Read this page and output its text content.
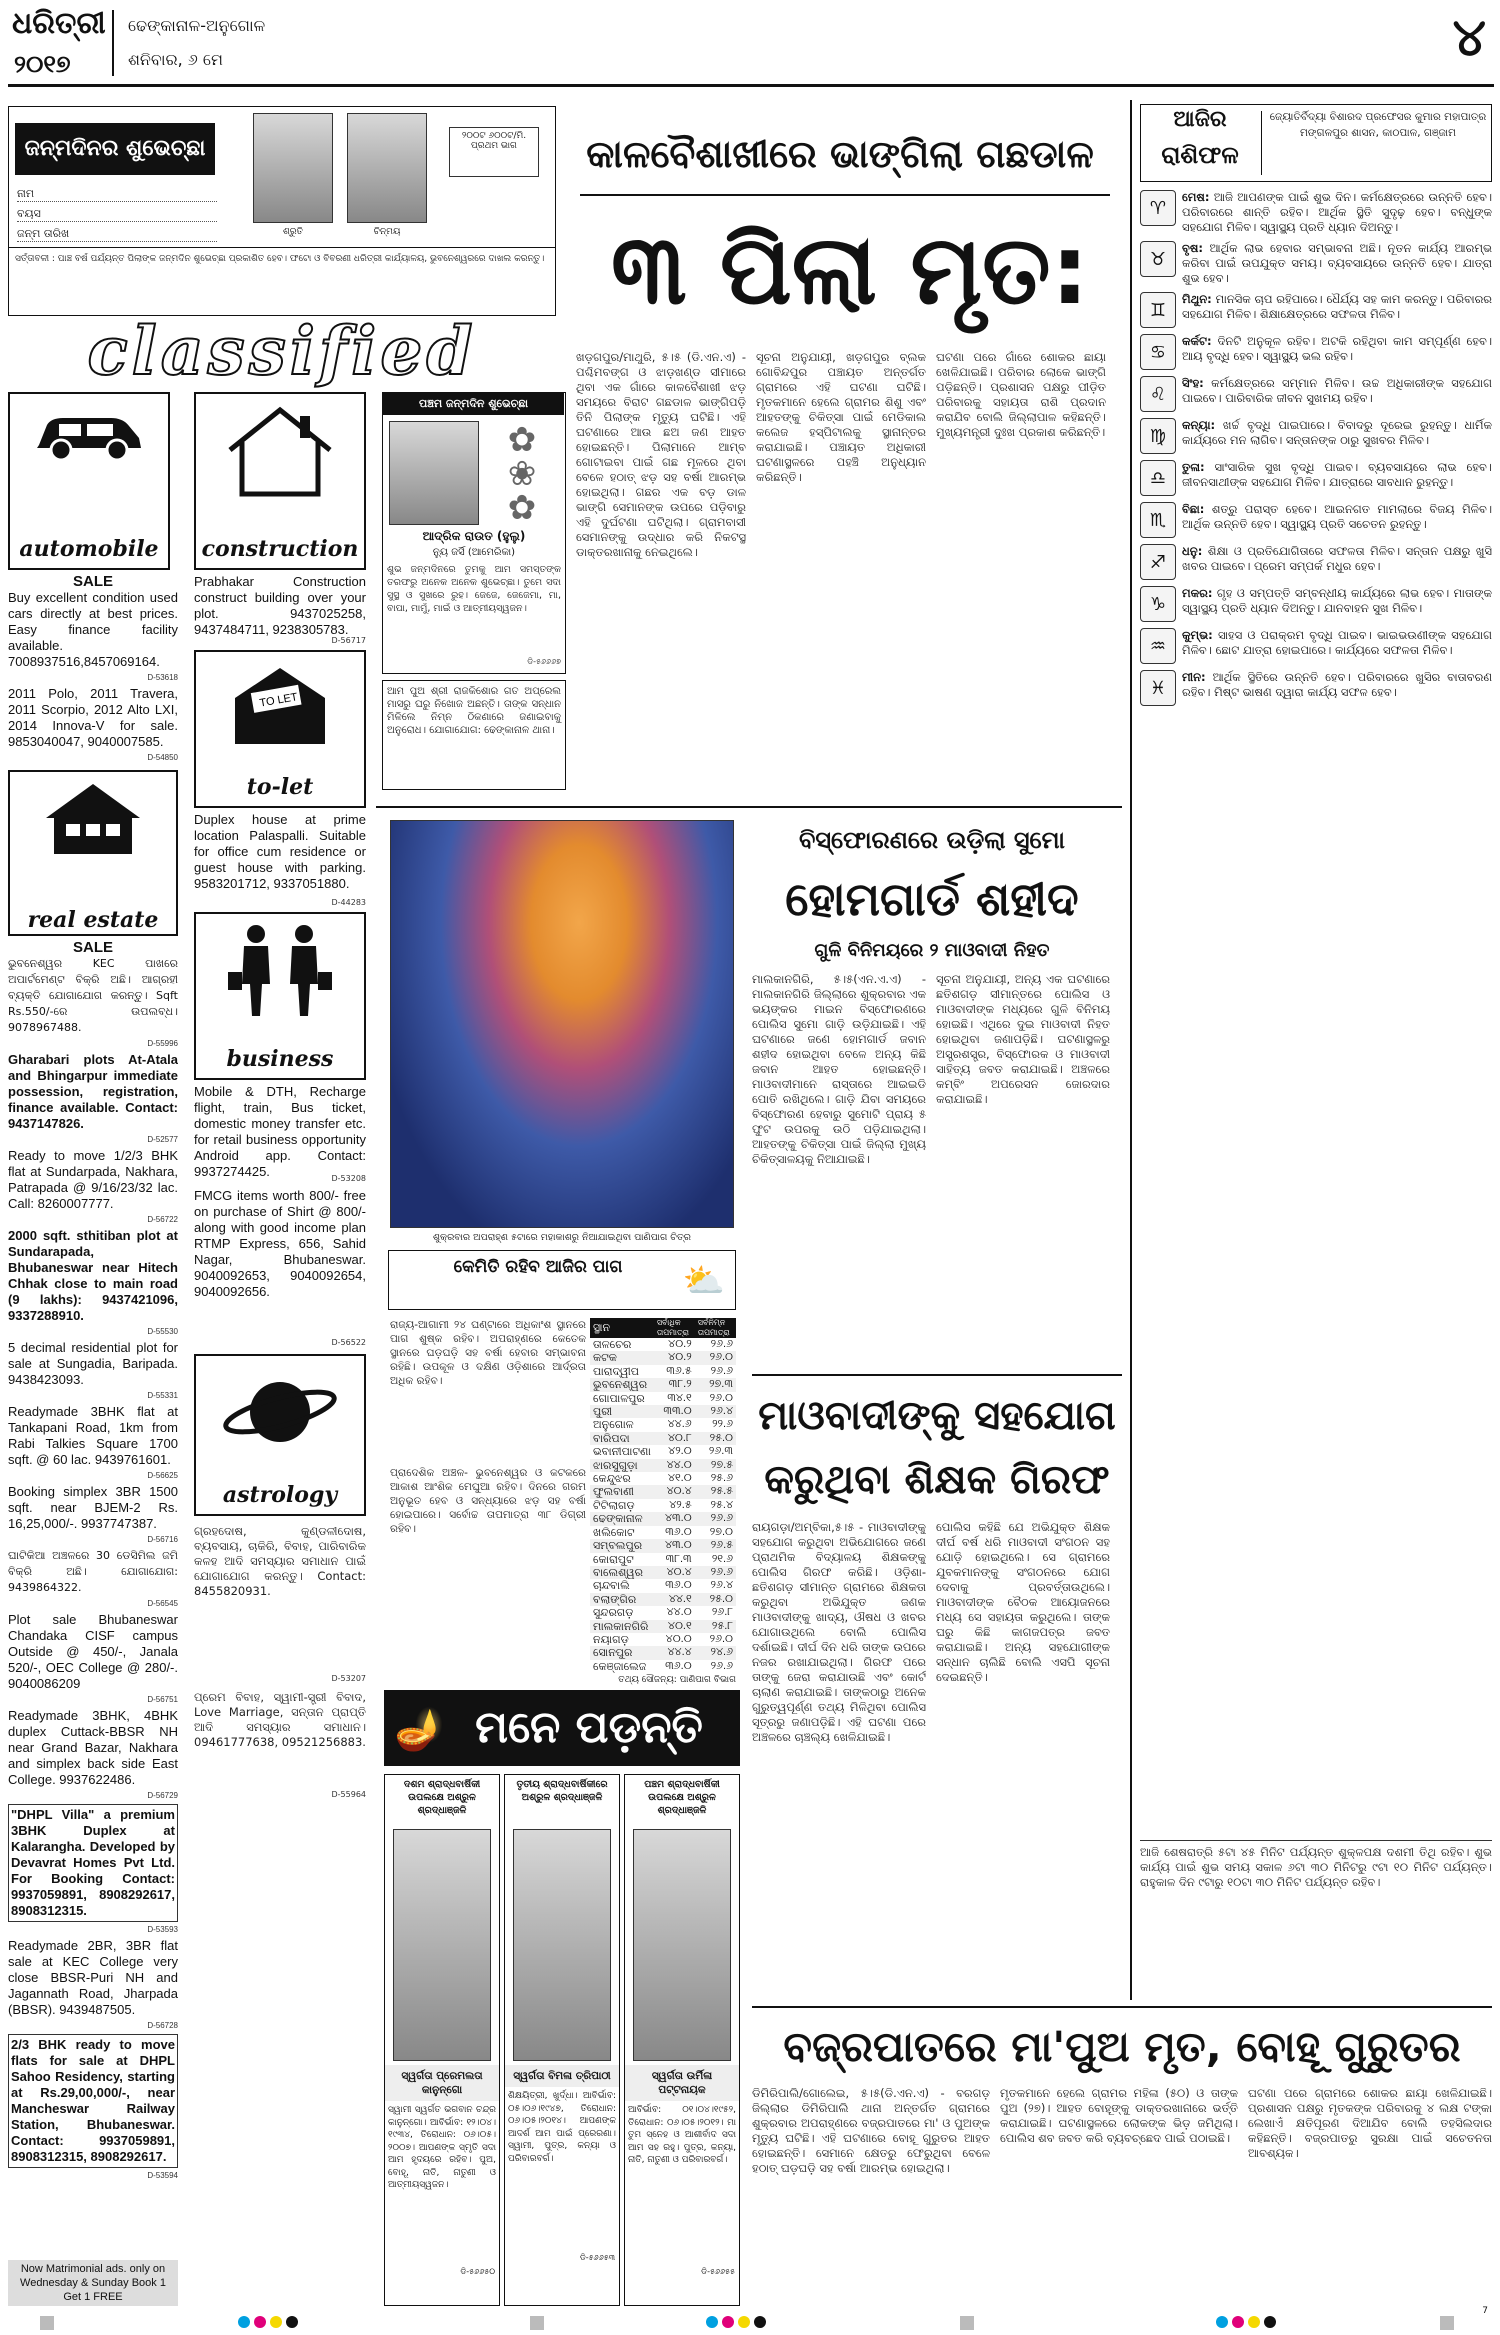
ଧରିତ୍ରୀ
୨୦୧୭
ଢେଙ୍କାନାଳ-ଅନୁଗୋଳ
ଶନିବାର, ୬ ମେ	୪
ଜନ୍ମଦିନର ଶୁଭେଚ୍ଛା
ନାମ
ବୟସ
ଜନ୍ମ ତାରିଖ	ଶ୍ରୁତି	ଚିନ୍ମୟ
୨୦୦ଟ ୬୦୦ଟ/ମି. ପ୍ରଥମ ଭାଗ
ସର୍ତ୍ତାବଳୀ : ପାଞ୍ଚ ବର୍ଷ ପର୍ଯ୍ୟନ୍ତ ପିଲାଙ୍କ ଜନ୍ମଦିନ ଶୁଭେଚ୍ଛା ପ୍ରକାଶିତ ହେବ। ଫଟୋ ଓ ବିବରଣୀ ଧରିତ୍ରୀ କାର୍ଯ୍ୟାଳୟ, ଭୁବନେଶ୍ୱରରେ ଦାଖଲ କରନ୍ତୁ।
classified
automobile
SALE
Buy excellent condition used cars directly at best prices. Easy finance facility available. 7008937516,8457069164.
D-53618
2011 Polo, 2011 Travera, 2011 Scorpio, 2012 Alto LXI, 2014 Innova-V for sale. 9853040047, 9040007585.
D-54850
real estate
SALE
ଭୁବନେଶ୍ୱର KEC ପାଖରେ ଅପାର୍ଟମେଣ୍ଟ ବିକ୍ରି ଅଛି। ଆଗ୍ରହୀ ବ୍ୟକ୍ତି ଯୋଗାଯୋଗ କରନ୍ତୁ। Sqft Rs.550/-ରେ ଉପଲବ୍ଧ। 9078967488.
D-55996
Gharabari plots At-Atala and Bhingarpur immediate possession, registration, finance available. Contact: 9437147826.
D-52577
Ready to move 1/2/3 BHK flat at Sundarpada, Nakhara, Patrapada @ 9/16/23/32 lac. Call: 8260007777.
D-56722
2000 sqft. sthitiban plot at Sundarapada, Bhubaneswar near Hitech Chhak close to main road (9 lakhs): 9437421096, 9337288910.
D-55530
5 decimal residential plot for sale at Sungadia, Baripada. 9438423093.
D-55331
Readymade 3BHK flat at Tankapani Road, 1km from Rabi Talkies Square 1700 sqft. @ 60 lac. 9439761601.
D-56625
Booking simplex 3BR 1500 sqft. near BJEM-2 Rs. 16,25,000/-. 9937747387.
D-56716
ଘାଟିକିଆ ଅଞ୍ଚଳରେ 30 ଡେସିମିଲ ଜମି ବିକ୍ରି ଅଛି। ଯୋଗାଯୋଗ: 9439864322.
D-56545
Plot sale Bhubaneswar Chandaka CISF campus Outside @ 450/-, Janala 520/-, OEC College @ 280/-. 9040086209
D-56751
Readymade 3BHK, 4BHK duplex Cuttack-BBSR NH near Grand Bazar, Nakhara and simplex back side East College. 9937622486.
D-56729
"DHPL Villa" a premium 3BHK Duplex at Kalarangha. Developed by Devavrat Homes Pvt Ltd. For Booking Contact: 9937059891, 8908292617, 8908312315.
D-53593
Readymade 2BR, 3BR flat sale at KEC College very close BBSR-Puri NH and Jagannath Road, Jharpada (BBSR). 9439487505.
D-56728
2/3 BHK ready to move flats for sale at DHPL Sahoo Residency, starting at Rs.29,00,000/-, near Mancheswar Railway Station, Bhubaneswar. Contact: 9937059891, 8908312315, 8908292617.
D-53594
Now Matrimonial ads. only on Wednesday & Sunday Book 1 Get 1 FREE
construction
Prabhakar Construction construct building over your plot. 9437025258, 9437484711, 9238305783.
D-56717
TO LET
to-let
Duplex house at prime location Palaspalli. Suitable for office cum residence or guest house with parking. 9583201712, 9337051880.
D-44283
business
Mobile & DTH, Recharge flight, train, Bus ticket, domestic money transfer etc. for retail business opportunity Android app. Contact: 9937274425.	D-53208
FMCG items worth 800/- free on purchase of Shirt @ 800/- along with good income plan RTMP Express, 656, Sahid Nagar, Bhubaneswar. 9040092653, 9040092654, 9040092656.
D-56522
astrology
ଗ୍ରହଦୋଷ, କୁଣ୍ଡଳୀଦୋଷ, ବ୍ୟବସାୟ, ଚାକିରି, ବିବାହ, ପାରିବାରିକ କଳହ ଆଦି ସମସ୍ୟାର ସମାଧାନ ପାଇଁ ଯୋଗାଯୋଗ କରନ୍ତୁ। Contact: 8455820931.
D-53207
ପ୍ରେମ ବିବାହ, ସ୍ୱାମୀ-ସ୍ତ୍ରୀ ବିବାଦ, Love Marriage, ସନ୍ତାନ ପ୍ରାପ୍ତି ଆଦି ସମସ୍ୟାର ସମାଧାନ। 09461777638, 09521256883.
D-55964
ପଞ୍ଚମ ଜନ୍ମଦିନ ଶୁଭେଚ୍ଛା
✿
❀
✿
ଆଦ୍ରିକ ରାଉତ (ହୁଲୁ)
ନ୍ୟୁ ଜର୍ସି (ଆମେରିକା)
ଶୁଭ ଜନ୍ମଦିନରେ ତୁମକୁ ଆମ ସମସ୍ତଙ୍କ ତରଫରୁ ଅନେକ ଅନେକ ଶୁଭେଚ୍ଛା। ତୁମେ ସଦା ସୁସ୍ଥ ଓ ସୁଖରେ ରୁହ। ଜେଜେ, ଜେଜେମା, ମା, ବାପା, ମାମୁଁ, ମାଇଁ ଓ ଆତ୍ମୀୟସ୍ୱଜନ।
ଡି-୫୬୬୬୭
ଆମ ପୁଅ ଶ୍ରୀ ରାଜକିଶୋର ଗତ ଅପ୍ରେଲ ମାସରୁ ଘରୁ ନିଖୋଜ ଅଛନ୍ତି। ତାଙ୍କ ସନ୍ଧାନ ମିଳିଲେ ନିମ୍ନ ଠିକଣାରେ ଜଣାଇବାକୁ ଅନୁରୋଧ। ଯୋଗାଯୋଗ: ଢେଙ୍କାନାଳ ଥାନା।
କାଳବୈଶାଖୀରେ ଭାଙ୍ଗିଲା ଗଛଡାଳ
୩ ପିଲା ମୃତ:
ଖଡ଼ଗପୁର/ମାଥୁରି, ୫।୫ (ଡି.ଏନ.ଏ) - ପଶ୍ଚିମବଙ୍ଗ ଓ ଝାଡ଼ଖଣ୍ଡ ସୀମାରେ ଥିବା ଏକ ଗାଁରେ କାଳବୈଶାଖୀ ଝଡ଼ ସମୟରେ ବିରାଟ ଗଛଡାଳ ଭାଙ୍ଗିପଡ଼ି ତିନି ପିଲାଙ୍କ ମୃତ୍ୟୁ ଘଟିଛି। ଏହି ଘଟଣାରେ ଆଉ ଛଅ ଜଣ ଆହତ ହୋଇଛନ୍ତି। ପିଲାମାନେ ଆମ୍ବ ଗୋଟାଇବା ପାଇଁ ଗଛ ମୂଳରେ ଥିବା ବେଳେ ହଠାତ୍ ଝଡ଼ ସହ ବର୍ଷା ଆରମ୍ଭ ହୋଇଥିଲା। ଗଛର ଏକ ବଡ଼ ଡାଳ ଭାଙ୍ଗି ସେମାନଙ୍କ ଉପରେ ପଡ଼ିବାରୁ ଏହି ଦୁର୍ଘଟଣା ଘଟିଥିଲା। ଗ୍ରାମବାସୀ ସେମାନଙ୍କୁ ଉଦ୍ଧାର କରି ନିକଟସ୍ଥ ଡାକ୍ତରଖାନାକୁ ନେଇଥିଲେ।
ସୂଚନା ଅନୁଯାୟୀ, ଖଡ଼ଗପୁର ବ୍ଲକ ଗୋବିନ୍ଦପୁର ପଞ୍ଚାୟତ ଅନ୍ତର୍ଗତ ଗ୍ରାମରେ ଏହି ଘଟଣା ଘଟିଛି। ମୃତକମାନେ ହେଲେ ଗ୍ରାମର ଶିଶୁ ଏବଂ ଆହତଙ୍କୁ ଚିକିତ୍ସା ପାଇଁ ମେଡିକାଲ କଲେଜ ହସ୍ପିଟାଲକୁ ସ୍ଥାନାନ୍ତର କରାଯାଇଛି। ପଞ୍ଚାୟତ ଅଧିକାରୀ ଘଟଣାସ୍ଥଳରେ ପହଞ୍ଚି ଅନୁଧ୍ୟାନ କରିଛନ୍ତି।
ଘଟଣା ପରେ ଗାଁରେ ଶୋକର ଛାୟା ଖେଳିଯାଇଛି। ପରିବାର ଲୋକେ ଭାଙ୍ଗି ପଡ଼ିଛନ୍ତି। ପ୍ରଶାସନ ପକ୍ଷରୁ ପୀଡ଼ିତ ପରିବାରକୁ ସହାୟତା ରାଶି ପ୍ରଦାନ କରାଯିବ ବୋଲି ଜିଲ୍ଲାପାଳ କହିଛନ୍ତି। ମୁଖ୍ୟମନ୍ତ୍ରୀ ଦୁଃଖ ପ୍ରକାଶ କରିଛନ୍ତି।
ଶୁକ୍ରବାର ଅପରାହ୍ଣ ୫ଟାରେ ମହାକାଶରୁ ନିଆଯାଇଥିବା ପାଣିପାଗ ଚିତ୍ର
କେମିତି ରହିବ ଆଜିର ପାଗ	⛅
ରାଜ୍ୟ-ଆଗାମୀ ୨୪ ଘଣ୍ଟାରେ ଅଧିକାଂଶ ସ୍ଥାନରେ ପାଗ ଶୁଷ୍କ ରହିବ। ଅପରାହ୍ଣରେ କେତେକ ସ୍ଥାନରେ ଘଡ଼ଘଡ଼ି ସହ ବର୍ଷା ହେବାର ସମ୍ଭାବନା ରହିଛି। ଉପକୂଳ ଓ ଦକ୍ଷିଣ ଓଡ଼ିଶାରେ ଆର୍ଦ୍ରତା ଅଧିକ ରହିବ।
ପ୍ରାଦେଶିକ ଅଞ୍ଚଳ- ଭୁବନେଶ୍ୱର ଓ କଟକରେ ଆକାଶ ଆଂଶିକ ମେଘୁଆ ରହିବ। ଦିନରେ ଗରମ ଅନୁଭୂତ ହେବ ଓ ସନ୍ଧ୍ୟାରେ ଝଡ଼ ସହ ବର୍ଷା ହୋଇପାରେ। ସର୍ବୋଚ୍ଚ ତାପମାତ୍ରା ୩୮ ଡିଗ୍ରୀ ରହିବ।
ସ୍ଥାନ	ସର୍ବାଧିକ ତାପମାତ୍ରା	ସର୍ବନିମ୍ନ ତାପମାତ୍ରା
ତାଳଚେର	୪୦.୨	୨୬.୬
କଟକ	୪୦.୨	୨୬.୦
ପାରାଦ୍ୱୀପ	୩୬.୫	୨୬.୬
ଭୁବନେଶ୍ୱର	୩୮.୨	୨୭.୩
ଗୋପାଳପୁର	୩୪.୧	୨୬.୦
ପୁରୀ	୩୩.୦	୨୬.୪
ଅନୁଗୋଳ	୪୪.୬	୨୨.୬
ବାରିପଦା	୪୦.୮	୨୫.୦
ଭବାନୀପାଟଣା	୪୨.୦	୨୬.୩
ଝାରସୁଗୁଡ଼ା	୪୪.୦	୨୭.୫
କେନ୍ଦୁଝର	୪୧.୦	୨୫.୬
ଫୁଲବାଣୀ	୪୦.୪	୨୫.୫
ଟିଟିଲାଗଡ଼	୪୨.୫	୨୫.୪
ଢେଙ୍କାନାଳ	୪୩.୦	୨୬.୬
ଖଲିକୋଟ	୩୬.୦	୨୭.୦
ସମ୍ବଲପୁର	୪୩.୦	୨୬.୫
କୋରାପୁଟ	୩୮.୩	୨୧.୬
ବାଲେଶ୍ୱର	୪୦.୪	୨୬.୬
ଚାନ୍ଦବାଲି	୩୬.୦	୨୬.୪
ବଲାଙ୍ଗିର	୪୪.୧	୨୫.୦
ସୁନ୍ଦରଗଡ଼	୪୪.୦	୨୬.୮
ମାଲକାନଗିରି	୪୦.୧	୨୫.୮
ନୟାଗଡ଼	୪୦.୦	୨୬.୦
ସୋନପୁର	୪୪.୪	୨୪.୬
କେଞ୍ଜାଲେଜ	୩୬.୦	୨୬.୬
ତଥ୍ୟ ସୌଜନ୍ୟ: ପାଣିପାଗ ବିଭାଗ
ବିସ୍ଫୋରଣରେ ଉଡ଼ିଲା ସୁମୋ
ହୋମଗାର୍ଡ ଶହୀଦ
ଗୁଳି ବିନିମୟରେ ୨ ମାଓବାଦୀ ନିହତ
ମାଲକାନଗିରି, ୫।୫(ଏନ.ଏ.ଏ) - ମାଲକାନଗିରି ଜିଲ୍ଲାରେ ଶୁକ୍ରବାର ଏକ ଭୟଙ୍କର ମାଇନ ବିସ୍ଫୋରଣରେ ପୋଲିସ ସୁମୋ ଗାଡ଼ି ଉଡ଼ିଯାଇଛି। ଏହି ଘଟଣାରେ ଜଣେ ହୋମଗାର୍ଡ ଜବାନ ଶହୀଦ ହୋଇଥିବା ବେଳେ ଅନ୍ୟ କିଛି ଜବାନ ଆହତ ହୋଇଛନ୍ତି। ମାଓବାଦୀମାନେ ରାସ୍ତାରେ ଆଇଇଡି ପୋତି ରଖିଥିଲେ। ଗାଡ଼ି ଯିବା ସମୟରେ ବିସ୍ଫୋରଣ ହେବାରୁ ସୁମୋଟି ପ୍ରାୟ ୫ ଫୁଟ ଉପରକୁ ଉଠି ପଡ଼ିଯାଇଥିଲା। ଆହତଙ୍କୁ ଚିକିତ୍ସା ପାଇଁ ଜିଲ୍ଲା ମୁଖ୍ୟ ଚିକିତ୍ସାଳୟକୁ ନିଆଯାଇଛି।
ସୂଚନା ଅନୁଯାୟୀ, ଅନ୍ୟ ଏକ ଘଟଣାରେ ଛତିଶଗଡ଼ ସୀମାନ୍ତରେ ପୋଲିସ ଓ ମାଓବାଦୀଙ୍କ ମଧ୍ୟରେ ଗୁଳି ବିନିମୟ ହୋଇଛି। ଏଥିରେ ଦୁଇ ମାଓବାଦୀ ନିହତ ହୋଇଥିବା ଜଣାପଡ଼ିଛି। ଘଟଣାସ୍ଥଳରୁ ଅସ୍ତ୍ରଶସ୍ତ୍ର, ବିସ୍ଫୋରକ ଓ ମାଓବାଦୀ ସାହିତ୍ୟ ଜବତ କରାଯାଇଛି। ଅଞ୍ଚଳରେ କମ୍ବିଂ ଅପରେସନ ଜୋରଦାର କରାଯାଇଛି।
ମାଓବାଦୀଙ୍କୁ ସହଯୋଗ
କରୁଥିବା ଶିକ୍ଷକ ଗିରଫ
ରାୟଗଡ଼ା/ଅମ୍ବିକା,୫।୫ - ମାଓବାଦୀଙ୍କୁ ସହଯୋଗ କରୁଥିବା ଅଭିଯୋଗରେ ଜଣେ ପ୍ରାଥମିକ ବିଦ୍ୟାଳୟ ଶିକ୍ଷକଙ୍କୁ ପୋଲିସ ଗିରଫ କରିଛି। ଓଡ଼ିଶା-ଛତିଶଗଡ଼ ସୀମାନ୍ତ ଗ୍ରାମରେ ଶିକ୍ଷକତା କରୁଥିବା ଅଭିଯୁକ୍ତ ଜଣକ ମାଓବାଦୀଙ୍କୁ ଖାଦ୍ୟ, ଔଷଧ ଓ ଖବର ଯୋଗାଉଥିଲେ ବୋଲି ପୋଲିସ ଦର୍ଶାଇଛି। ଦୀର୍ଘ ଦିନ ଧରି ତାଙ୍କ ଉପରେ ନଜର ରଖାଯାଇଥିଲା। ଗିରଫ ପରେ ତାଙ୍କୁ ଜେରା କରାଯାଉଛି ଏବଂ କୋର୍ଟ ଚାଲାଣ କରାଯାଇଛି। ତାଙ୍କଠାରୁ ଅନେକ ଗୁରୁତ୍ୱପୂର୍ଣ୍ଣ ତଥ୍ୟ ମିଳିଥିବା ପୋଲିସ ସୂତ୍ରରୁ ଜଣାପଡ଼ିଛି। ଏହି ଘଟଣା ପରେ ଅଞ୍ଚଳରେ ଚାଞ୍ଚଲ୍ୟ ଖେଳିଯାଇଛି।
ପୋଲିସ କହିଛି ଯେ ଅଭିଯୁକ୍ତ ଶିକ୍ଷକ ଦୀର୍ଘ ବର୍ଷ ଧରି ମାଓବାଦୀ ସଂଗଠନ ସହ ଯୋଡ଼ି ହୋଇଥିଲେ। ସେ ଗ୍ରାମରେ ଯୁବକମାନଙ୍କୁ ସଂଗଠନରେ ଯୋଗ ଦେବାକୁ ପ୍ରବର୍ତ୍ତାଉଥିଲେ। ମାଓବାଦୀଙ୍କ ବୈଠକ ଆୟୋଜନରେ ମଧ୍ୟ ସେ ସହାୟତା କରୁଥିଲେ। ତାଙ୍କ ଘରୁ କିଛି କାଗଜପତ୍ର ଜବତ କରାଯାଇଛି। ଅନ୍ୟ ସହଯୋଗୀଙ୍କ ସନ୍ଧାନ ଚାଲିଛି ବୋଲି ଏସପି ସୂଚନା ଦେଇଛନ୍ତି।
🪔 ମନେ ପଡ଼ନ୍ତି
ଦଶମ ଶ୍ରାଦ୍ଧବାର୍ଷିକୀ ଉପଲକ୍ଷେ ଅଶ୍ରୁଳ ଶ୍ରଦ୍ଧାଞ୍ଜଳି
ସ୍ୱର୍ଗତା ପ୍ରେମଲତା କାନୁନ୍‌ଗୋ
ସ୍ୱାମୀ ସ୍ୱର୍ଗତ ଭଗବାନ ଚନ୍ଦ୍ର କାନୁନ୍‌ଗୋ। ଆବିର୍ଭାବ: ୧୨।୦୪।୧୯୩୪, ତିରୋଧାନ: ୦୬।୦୫।୨୦୦୭। ଆପଣଙ୍କ ସ୍ମୃତି ସଦା ଆମ ହୃଦୟରେ ରହିବ। ପୁଅ, ବୋହୂ, ନାତି, ନାତୁଣୀ ଓ ଆତ୍ମୀୟସ୍ୱଜନ।
ଡି-୫୬୬୫୦
ତୃତୀୟ ଶ୍ରାଦ୍ଧବାର୍ଷିକୀରେ ଅଶ୍ରୁଳ ଶ୍ରଦ୍ଧାଞ୍ଜଳି
ସ୍ୱର୍ଗତା ବିମଳା ତ୍ରିପାଠୀ
ଶିକ୍ଷୟିତ୍ରୀ, ଖୁର୍ଦ୍ଧା। ଆବିର୍ଭାବ: ୦୫।୦୬।୧୯୪୭, ତିରୋଧାନ: ୦୬।୦୫।୨୦୧୪। ଆପଣଙ୍କ ଆଦର୍ଶ ଆମ ପାଇଁ ପ୍ରେରଣା। ସ୍ୱାମୀ, ପୁତ୍ର, କନ୍ୟା ଓ ପରିବାରବର୍ଗ।
ଡି-୫୬୬୫୩
ପଞ୍ଚମ ଶ୍ରାଦ୍ଧବାର୍ଷିକୀ ଉପଲକ୍ଷେ ଅଶ୍ରୁଳ ଶ୍ରଦ୍ଧାଞ୍ଜଳି
ସ୍ୱର୍ଗତା ଉର୍ମିଳା ପଟ୍ଟନାୟକ
ଆବିର୍ଭାବ: ୦୧।୦୪।୧୯୫୨, ତିରୋଧାନ: ୦୬।୦୫।୨୦୧୨। ମା ତୁମ ସ୍ନେହ ଓ ଆଶୀର୍ବାଦ ସଦା ଆମ ସହ ରହୁ। ପୁତ୍ର, କନ୍ୟା, ନାତି, ନାତୁଣୀ ଓ ପରିବାରବର୍ଗ।
ଡି-୫୬୬୫୫
ବଜ୍ରପାତରେ ମା'ପୁଅ ମୃତ, ବୋହୂ ଗୁରୁତର
ଡିମିରିପାଲି/ଗୋଲେଇ, ୫।୫(ଡି.ଏନ.ଏ) - ବରଗଡ଼ ଜିଲ୍ଲାର ଡିମିରିପାଲି ଥାନା ଅନ୍ତର୍ଗତ ଗ୍ରାମରେ ଶୁକ୍ରବାର ଅପରାହ୍ଣରେ ବଜ୍ରପାତରେ ମା' ଓ ପୁଅଙ୍କ ମୃତ୍ୟୁ ଘଟିଛି। ଏହି ଘଟଣାରେ ବୋହୂ ଗୁରୁତର ଆହତ ହୋଇଛନ୍ତି। ସେମାନେ କ୍ଷେତରୁ ଫେରୁଥିବା ବେଳେ ହଠାତ୍ ଘଡ଼ଘଡ଼ି ସହ ବର୍ଷା ଆରମ୍ଭ ହୋଇଥିଲା।
ମୃତକମାନେ ହେଲେ ଗ୍ରାମର ମହିଳା (୫୦) ଓ ତାଙ୍କ ପୁଅ (୨୭)। ଆହତ ବୋହୂଙ୍କୁ ଡାକ୍ତରଖାନାରେ ଭର୍ତ୍ତି କରାଯାଇଛି। ଘଟଣାସ୍ଥଳରେ ଲୋକଙ୍କ ଭିଡ଼ ଜମିଥିଲା। ପୋଲିସ ଶବ ଜବତ କରି ବ୍ୟବଚ୍ଛେଦ ପାଇଁ ପଠାଇଛି।
ଘଟଣା ପରେ ଗ୍ରାମରେ ଶୋକର ଛାୟା ଖେଳିଯାଇଛି। ପ୍ରଶାସନ ପକ୍ଷରୁ ମୃତକଙ୍କ ପରିବାରକୁ ୪ ଲକ୍ଷ ଟଙ୍କା ଲେଖାଏଁ କ୍ଷତିପୂରଣ ଦିଆଯିବ ବୋଲି ତହସିଲଦାର କହିଛନ୍ତି। ବଜ୍ରପାତରୁ ସୁରକ୍ଷା ପାଇଁ ସଚେତନତା ଆବଶ୍ୟକ।
ଆଜିର
ରାଶିଫଳ
ଜ୍ୟୋତିର୍ବିଦ୍ୟା ବିଶାରଦ ପ୍ରଫେସର କୁମାର ମହାପାତ୍ର ମଙ୍ଗଳପୁର ଶାସନ, କାଠପାଳ, ଗଞ୍ଜାମ
♈
ମେଷ: ଆଜି ଆପଣଙ୍କ ପାଇଁ ଶୁଭ ଦିନ। କର୍ମକ୍ଷେତ୍ରରେ ଉନ୍ନତି ହେବ। ପରିବାରରେ ଶାନ୍ତି ରହିବ। ଆର୍ଥିକ ସ୍ଥିତି ସୁଦୃଢ଼ ହେବ। ବନ୍ଧୁଙ୍କ ସହଯୋଗ ମିଳିବ। ସ୍ୱାସ୍ଥ୍ୟ ପ୍ରତି ଧ୍ୟାନ ଦିଅନ୍ତୁ।
♉
ବୃଷ: ଆର୍ଥିକ ଲାଭ ହେବାର ସମ୍ଭାବନା ଅଛି। ନୂତନ କାର୍ଯ୍ୟ ଆରମ୍ଭ କରିବା ପାଇଁ ଉପଯୁକ୍ତ ସମୟ। ବ୍ୟବସାୟରେ ଉନ୍ନତି ହେବ। ଯାତ୍ରା ଶୁଭ ହେବ।
♊
ମିଥୁନ: ମାନସିକ ଚାପ ରହିପାରେ। ଧୈର୍ଯ୍ୟ ସହ କାମ କରନ୍ତୁ। ପରିବାରର ସହଯୋଗ ମିଳିବ। ଶିକ୍ଷାକ୍ଷେତ୍ରରେ ସଫଳତା ମିଳିବ।
♋
କର୍କଟ: ଦିନଟି ଅନୁକୂଳ ରହିବ। ଅଟକି ରହିଥିବା କାମ ସମ୍ପୂର୍ଣ୍ଣ ହେବ। ଆୟ ବୃଦ୍ଧି ହେବ। ସ୍ୱାସ୍ଥ୍ୟ ଭଲ ରହିବ।
♌
ସିଂହ: କର୍ମକ୍ଷେତ୍ରରେ ସମ୍ମାନ ମିଳିବ। ଉଚ୍ଚ ଅଧିକାରୀଙ୍କ ସହଯୋଗ ପାଇବେ। ପାରିବାରିକ ଜୀବନ ସୁଖମୟ ରହିବ।
♍
କନ୍ୟା: ଖର୍ଚ୍ଚ ବୃଦ୍ଧି ପାଇପାରେ। ବିବାଦରୁ ଦୂରେଇ ରୁହନ୍ତୁ। ଧାର୍ମିକ କାର୍ଯ୍ୟରେ ମନ ଲାଗିବ। ସନ୍ତାନଙ୍କ ଠାରୁ ସୁଖବର ମିଳିବ।
♎
ତୁଳା: ସାଂସାରିକ ସୁଖ ବୃଦ୍ଧି ପାଇବ। ବ୍ୟବସାୟରେ ଲାଭ ହେବ। ଜୀବନସାଥୀଙ୍କ ସହଯୋଗ ମିଳିବ। ଯାତ୍ରାରେ ସାବଧାନ ରୁହନ୍ତୁ।
♏
ବିଛା: ଶତ୍ରୁ ପରାସ୍ତ ହେବେ। ଆଇନଗତ ମାମଲାରେ ବିଜୟ ମିଳିବ। ଆର୍ଥିକ ଉନ୍ନତି ହେବ। ସ୍ୱାସ୍ଥ୍ୟ ପ୍ରତି ସଚେତନ ରୁହନ୍ତୁ।
♐
ଧନୁ: ଶିକ୍ଷା ଓ ପ୍ରତିଯୋଗିତାରେ ସଫଳତା ମିଳିବ। ସନ୍ତାନ ପକ୍ଷରୁ ଖୁସି ଖବର ପାଇବେ। ପ୍ରେମ ସମ୍ପର୍କ ମଧୁର ହେବ।
♑
ମକର: ଗୃହ ଓ ସମ୍ପତ୍ତି ସମ୍ବନ୍ଧୀୟ କାର୍ଯ୍ୟରେ ଲାଭ ହେବ। ମାତାଙ୍କ ସ୍ୱାସ୍ଥ୍ୟ ପ୍ରତି ଧ୍ୟାନ ଦିଅନ୍ତୁ। ଯାନବାହନ ସୁଖ ମିଳିବ।
♒
କୁମ୍ଭ: ସାହସ ଓ ପରାକ୍ରମ ବୃଦ୍ଧି ପାଇବ। ଭାଇଭଉଣୀଙ୍କ ସହଯୋଗ ମିଳିବ। ଛୋଟ ଯାତ୍ରା ହୋଇପାରେ। କାର୍ଯ୍ୟରେ ସଫଳତା ମିଳିବ।
♓
ମୀନ: ଆର୍ଥିକ ସ୍ଥିତିରେ ଉନ୍ନତି ହେବ। ପରିବାରରେ ଖୁସିର ବାତାବରଣ ରହିବ। ମିଷ୍ଟ ଭାଷଣ ଦ୍ୱାରା କାର୍ଯ୍ୟ ସଫଳ ହେବ।
ଆଜି ଶେଷରାତ୍ରି ୫ଟା ୪୫ ମିନିଟ ପର୍ଯ୍ୟନ୍ତ ଶୁକ୍ଳପକ୍ଷ ଦଶମୀ ତିଥି ରହିବ। ଶୁଭ କାର୍ଯ୍ୟ ପାଇଁ ଶୁଭ ସମୟ ସକାଳ ୬ଟା ୩୦ ମିନିଟରୁ ୯ଟା ୧୦ ମିନିଟ ପର୍ଯ୍ୟନ୍ତ। ରାହୁକାଳ ଦିନ ୯ଟାରୁ ୧୦ଟା ୩୦ ମିନିଟ ପର୍ଯ୍ୟନ୍ତ ରହିବ।
7
